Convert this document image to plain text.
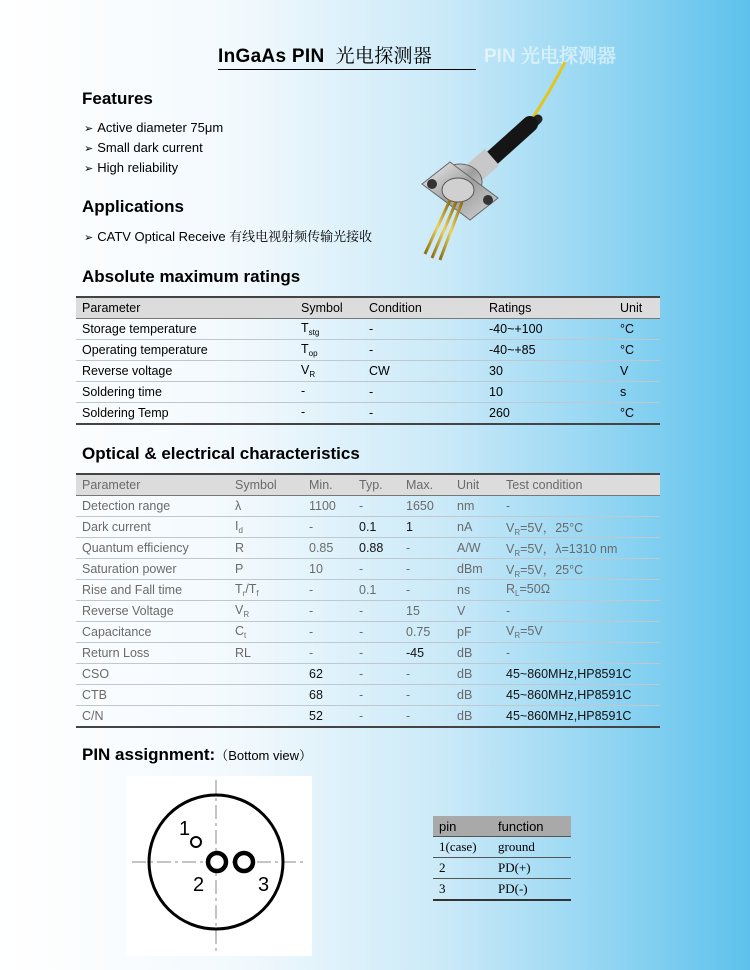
InGaAs PIN 光电探测器	PIN 光电探测器
Features
➢ Active diameter 75μm
➢ Small dark current
➢ High reliability
Applications
➢ CATV Optical Receive 有线电视射频传输光接收
Absolute maximum ratings
Parameter	Symbol	Condition	Ratings	Unit
Storage temperature	$T_{stg}$	-	-40~+100	°C
Operating temperature	$T_{op}$	-	-40~+85	°C
Reverse voltage	$V_R$	CW	30	V
Soldering time	-	-	10	s
Soldering Temp	-	-	260	°C
Optical & electrical characteristics
Parameter	Symbol	Min.	Typ.	Max.	Unit	Test condition
Detection range	λ	1100	-	1650	nm	-
Dark current	$I_d$	-	0.1	1	nA	$V_R=5V$，25°C
Quantum efficiency	R	0.85	0.88	-	A/W	$V_R=5V$，λ=1310 nm
Saturation power	P	10	-	-	dBm	$V_R=5V$，25°C
Rise and Fall time	$T_r/T_f$	-	0.1	-	ns	$R_L=50\Omega$
Reverse Voltage	$V_R$	-	-	15	V	-
Capacitance	$C_t$	-	-	0.75	pF	$V_R=5V$
Return Loss	RL	-	-	-45	dB	-
CSO		62	-	-	dB	45~860MHz,HP8591C
CTB		68	-	-	dB	45~860MHz,HP8591C
C/N		52	-	-	dB	45~860MHz,HP8591C
PIN assignment:（Bottom view）
1
2	3
pin	function
1(case)	ground
2	PD(+)
3	PD(-)
